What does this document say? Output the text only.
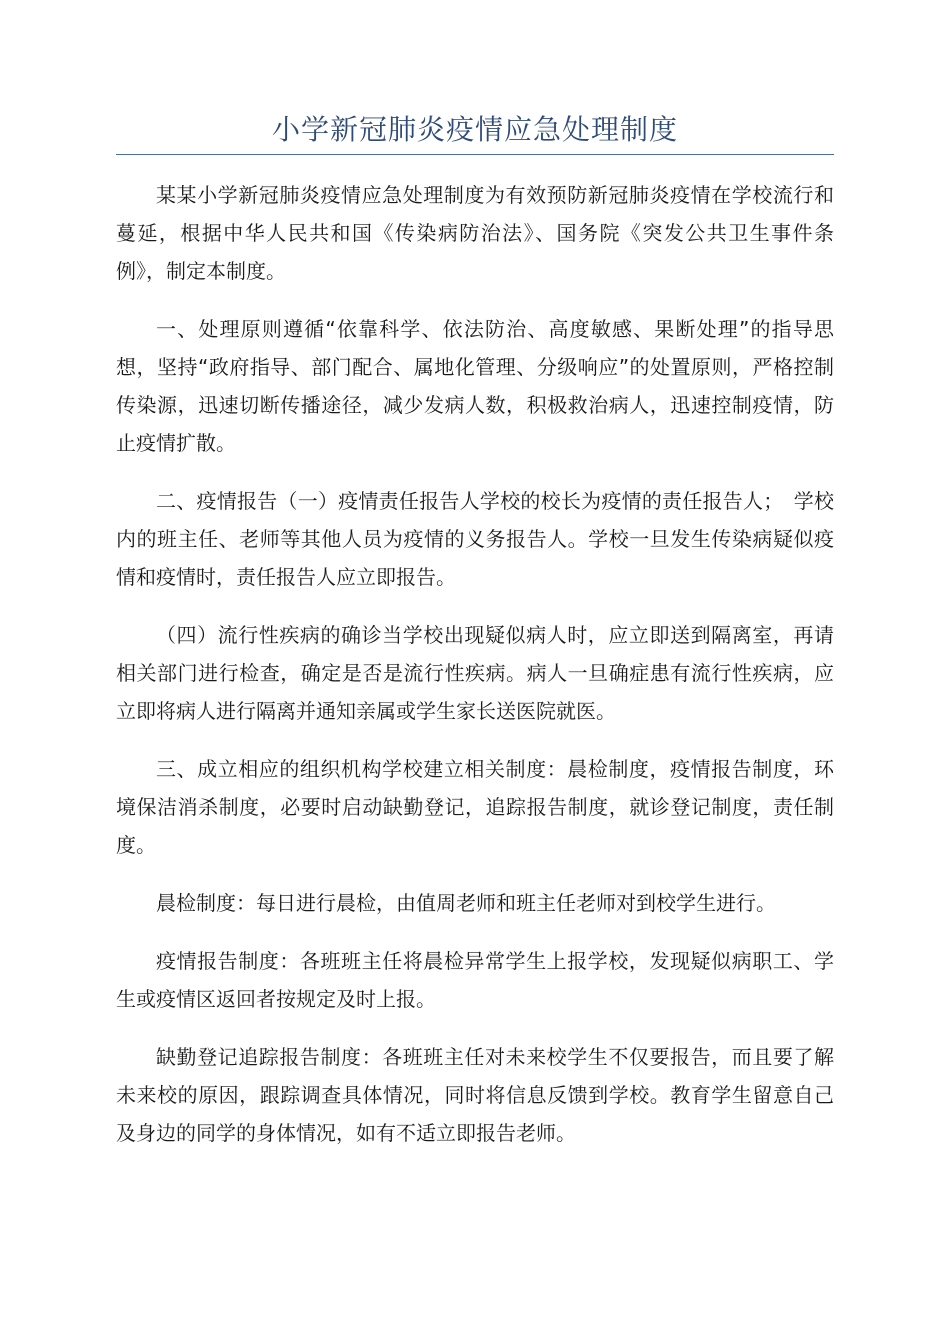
小学新冠肺炎疫情应急处理制度

某某小学新冠肺炎疫情应急处理制度为有效预防新冠肺炎疫情在学校流行和蔓延，根据中华人民共和国《传染病防治法》、国务院《突发公共卫生事件条例》，制定本制度。

一、处理原则遵循“依靠科学、依法防治、高度敏感、果断处理”的指导思想，坚持“政府指导、部门配合、属地化管理、分级响应”的处置原则，严格控制传染源，迅速切断传播途径，减少发病人数，积极救治病人，迅速控制疫情，防止疫情扩散。

二、疫情报告（一）疫情责任报告人学校的校长为疫情的责任报告人；　学校内的班主任、老师等其他人员为疫情的义务报告人。学校一旦发生传染病疑似疫情和疫情时，责任报告人应立即报告。

（四）流行性疾病的确诊当学校出现疑似病人时，应立即送到隔离室，再请相关部门进行检查，确定是否是流行性疾病。病人一旦确症患有流行性疾病，应立即将病人进行隔离并通知亲属或学生家长送医院就医。

三、成立相应的组织机构学校建立相关制度：晨检制度，疫情报告制度，环境保洁消杀制度，必要时启动缺勤登记，追踪报告制度，就诊登记制度，责任制度。

晨检制度：每日进行晨检，由值周老师和班主任老师对到校学生进行。

疫情报告制度：各班班主任将晨检异常学生上报学校，发现疑似病职工、学生或疫情区返回者按规定及时上报。

缺勤登记追踪报告制度：各班班主任对未来校学生不仅要报告，而且要了解未来校的原因，跟踪调查具体情况，同时将信息反馈到学校。教育学生留意自己及身边的同学的身体情况，如有不适立即报告老师。
